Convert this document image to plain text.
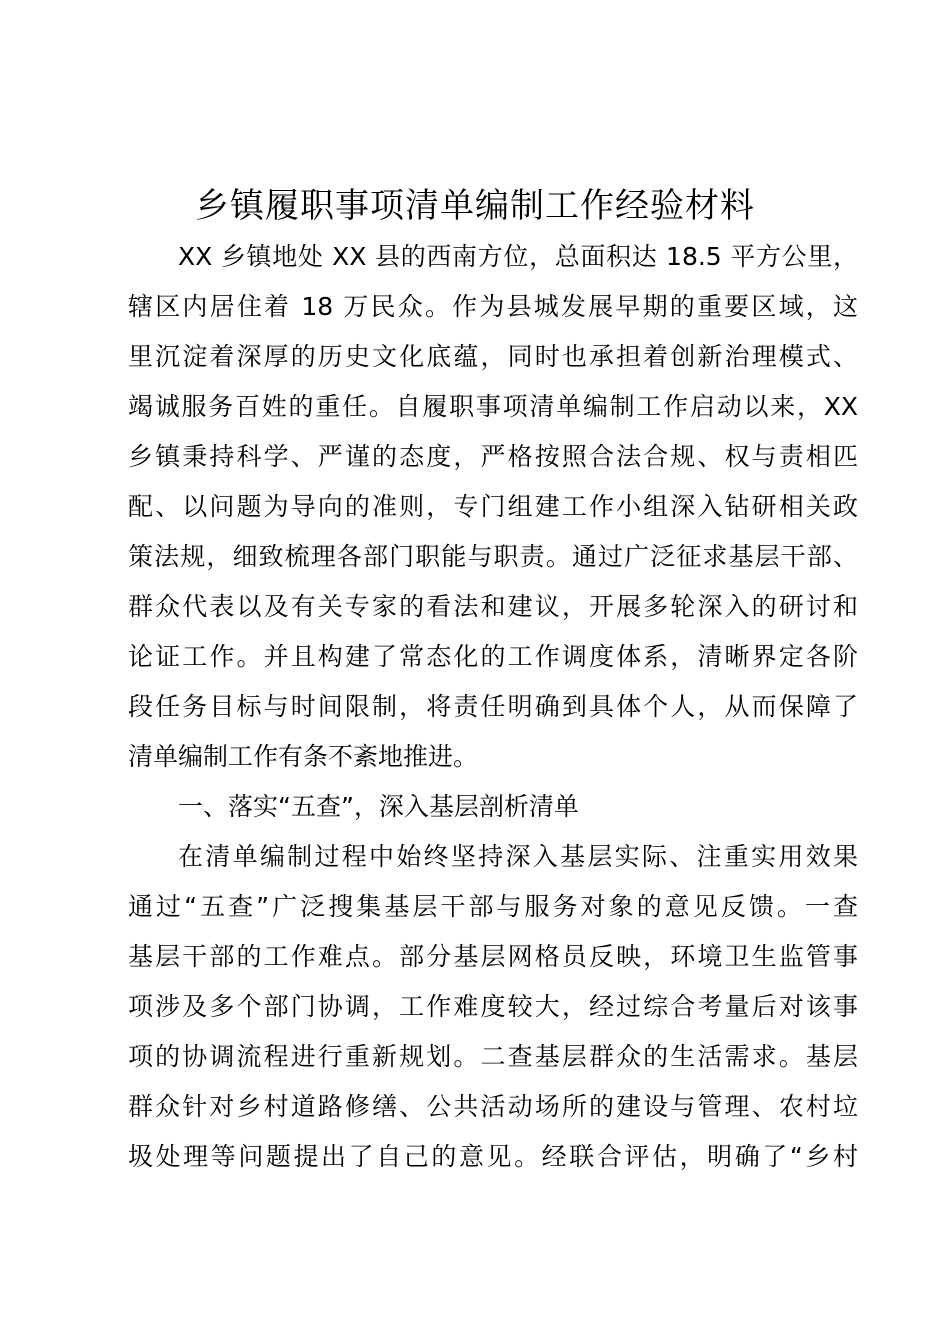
乡镇履职事项清单编制工作经验材料
XX 乡镇地处 XX 县的西南方位，总面积达 18.5 平方公里，
辖区内居住着 18 万民众。作为县城发展早期的重要区域，这
里沉淀着深厚的历史文化底蕴，同时也承担着创新治理模式、
竭诚服务百姓的重任。自履职事项清单编制工作启动以来，XX
乡镇秉持科学、严谨的态度，严格按照合法合规、权与责相匹
配、以问题为导向的准则，专门组建工作小组深入钻研相关政
策法规，细致梳理各部门职能与职责。通过广泛征求基层干部、
群众代表以及有关专家的看法和建议，开展多轮深入的研讨和
论证工作。并且构建了常态化的工作调度体系，清晰界定各阶
段任务目标与时间限制，将责任明确到具体个人，从而保障了
清单编制工作有条不紊地推进。
一、落实“五查”，深入基层剖析清单
在清单编制过程中始终坚持深入基层实际、注重实用效果
通过“五查”广泛搜集基层干部与服务对象的意见反馈。一查
基层干部的工作难点。部分基层网格员反映，环境卫生监管事
项涉及多个部门协调，工作难度较大，经过综合考量后对该事
项的协调流程进行重新规划。二查基层群众的生活需求。基层
群众针对乡村道路修缮、公共活动场所的建设与管理、农村垃
圾处理等问题提出了自己的意见。经联合评估，明确了“乡村
